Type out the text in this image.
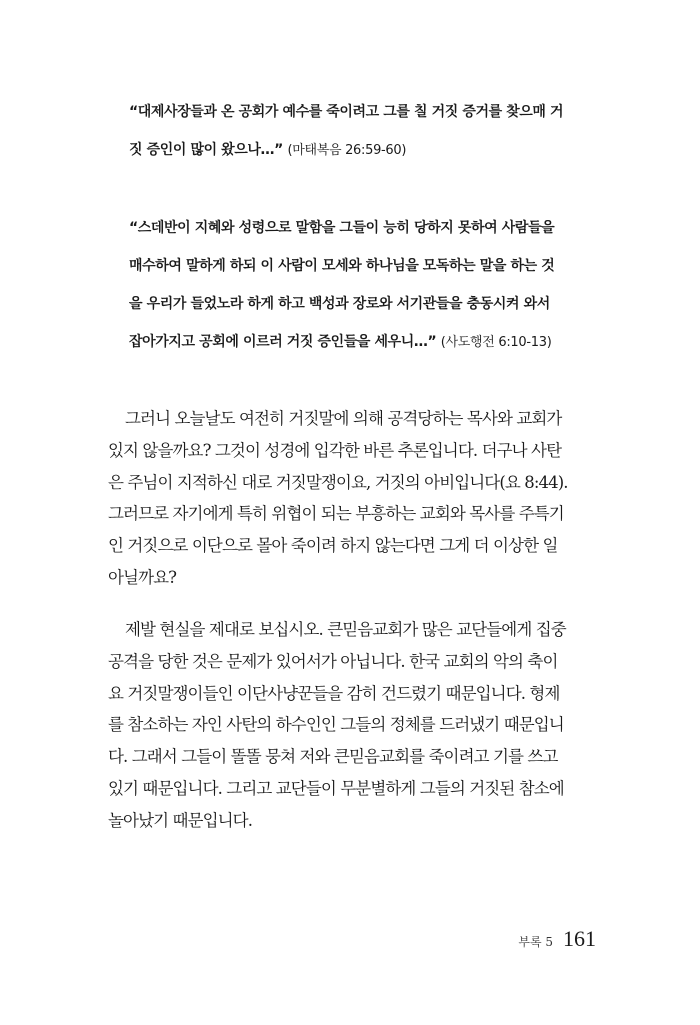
“대제사장들과 온 공회가 예수를 죽이려고 그를 칠 거짓 증거를 찾으매 거
짓 증인이 많이 왔으나…” (마태복음 26:59-60)

“스데반이 지혜와 성령으로 말함을 그들이 능히 당하지 못하여 사람들을
매수하여 말하게 하되 이 사람이 모세와 하나님을 모독하는 말을 하는 것
을 우리가 들었노라 하게 하고 백성과 장로와 서기관들을 충동시켜 와서
잡아가지고 공회에 이르러 거짓 증인들을 세우니…” (사도행전 6:10-13)

그러니 오늘날도 여전히 거짓말에 의해 공격당하는 목사와 교회가
있지 않을까요? 그것이 성경에 입각한 바른 추론입니다. 더구나 사탄
은 주님이 지적하신 대로 거짓말쟁이요, 거짓의 아비입니다(요 8:44).
그러므로 자기에게 특히 위협이 되는 부흥하는 교회와 목사를 주특기
인 거짓으로 이단으로 몰아 죽이려 하지 않는다면 그게 더 이상한 일
아닐까요?

제발 현실을 제대로 보십시오. 큰믿음교회가 많은 교단들에게 집중
공격을 당한 것은 문제가 있어서가 아닙니다. 한국 교회의 악의 축이
요 거짓말쟁이들인 이단사냥꾼들을 감히 건드렸기 때문입니다. 형제
를 참소하는 자인 사탄의 하수인인 그들의 정체를 드러냈기 때문입니
다. 그래서 그들이 똘똘 뭉쳐 저와 큰믿음교회를 죽이려고 기를 쓰고
있기 때문입니다. 그리고 교단들이 무분별하게 그들의 거짓된 참소에
놀아났기 때문입니다.

부록 5 161
